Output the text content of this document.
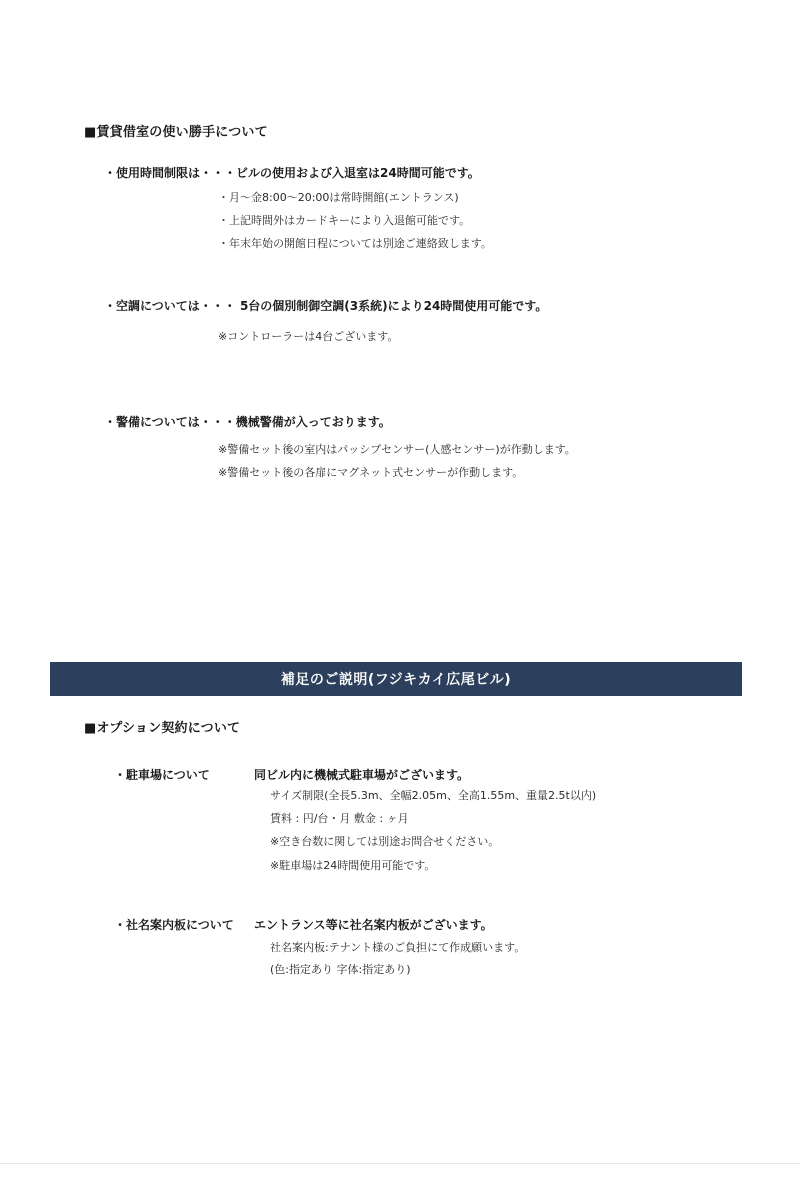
■賃貸借室の使い勝手について
・使用時間制限は・・・ビルの使用および入退室は24時間可能です。
・月～金8:00～20:00は常時開館(エントランス)
・上記時間外はカードキーにより入退館可能です。
・年末年始の開館日程については別途ご連絡致します。
・空調については・・・ 5台の個別制御空調(3系統)により24時間使用可能です。
※コントローラーは4台ございます。
・警備については・・・機械警備が入っております。
※警備セット後の室内はパッシブセンサー(人感センサー)が作動します。
※警備セット後の各扉にマグネット式センサーが作動します。
補足のご説明(フジキカイ広尾ビル)
■オプション契約について
・駐車場について	同ビル内に機械式駐車場がございます。
サイズ制限(全長5.3m、全幅2.05m、全高1.55m、重量2.5t以内)
賃料 : 円/台・月 敷金 : ヶ月
※空き台数に関しては別途お問合せください。
※駐車場は24時間使用可能です。
・社名案内板について エントランス等に社名案内板がございます。
社名案内板:テナント様のご負担にて作成願います。
(色:指定あり 字体:指定あり)
